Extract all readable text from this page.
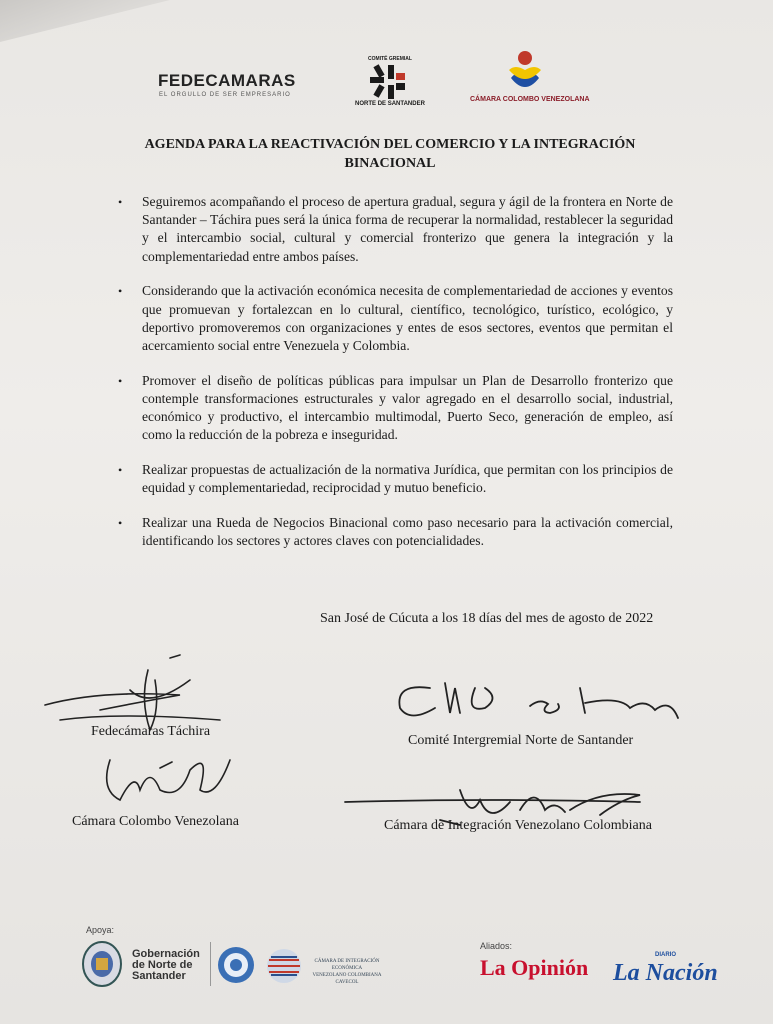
FEDECAMARAS
EL ORGULLO DE SER EMPRESARIO
COMITÉ GREMIAL
NORTE DE SANTANDER
CÁMARA COLOMBO VENEZOLANA
AGENDA PARA LA REACTIVACIÓN DEL COMERCIO Y LA INTEGRACIÓN
BINACIONAL
• Seguiremos acompañando el proceso de apertura gradual, segura y ágil de la frontera en Norte de Santander – Táchira pues será la única forma de recuperar la normalidad, restablecer la seguridad y el intercambio social, cultural y comercial fronterizo que genera la integración y la complementariedad entre ambos países.
• Considerando que la activación económica necesita de complementariedad de acciones y eventos que promuevan y fortalezcan en lo cultural, científico, tecnológico, turístico, ecológico, y deportivo promoveremos con organizaciones y entes de esos sectores, eventos que permitan el acercamiento social entre Venezuela y Colombia.
• Promover el diseño de políticas públicas para impulsar un Plan de Desarrollo fronterizo que contemple transformaciones estructurales y valor agregado en el desarrollo social, industrial, económico y productivo, el intercambio multimodal, Puerto Seco, generación de empleo, así como la reducción de la pobreza e inseguridad.
• Realizar propuestas de actualización de la normativa Jurídica, que permitan con los principios de equidad y complementariedad, reciprocidad y mutuo beneficio.
• Realizar una Rueda de Negocios Binacional como paso necesario para la activación comercial, identificando los sectores y actores claves con potencialidades.
San José de Cúcuta a los 18 días del mes de agosto de 2022
Fedecámaras Táchira
Comité Intergremial Norte de Santander
Cámara Colombo Venezolana	Cámara de Integración Venezolano Colombiana
Apoya:
Gobernación
de Norte de
Santander
CÁMARA DE INTEGRACIÓN ECONÓMICA
VENEZOLANO COLOMBIANA
CAVECOL
Aliados:
La Opinión	DIARIO
La Nación
